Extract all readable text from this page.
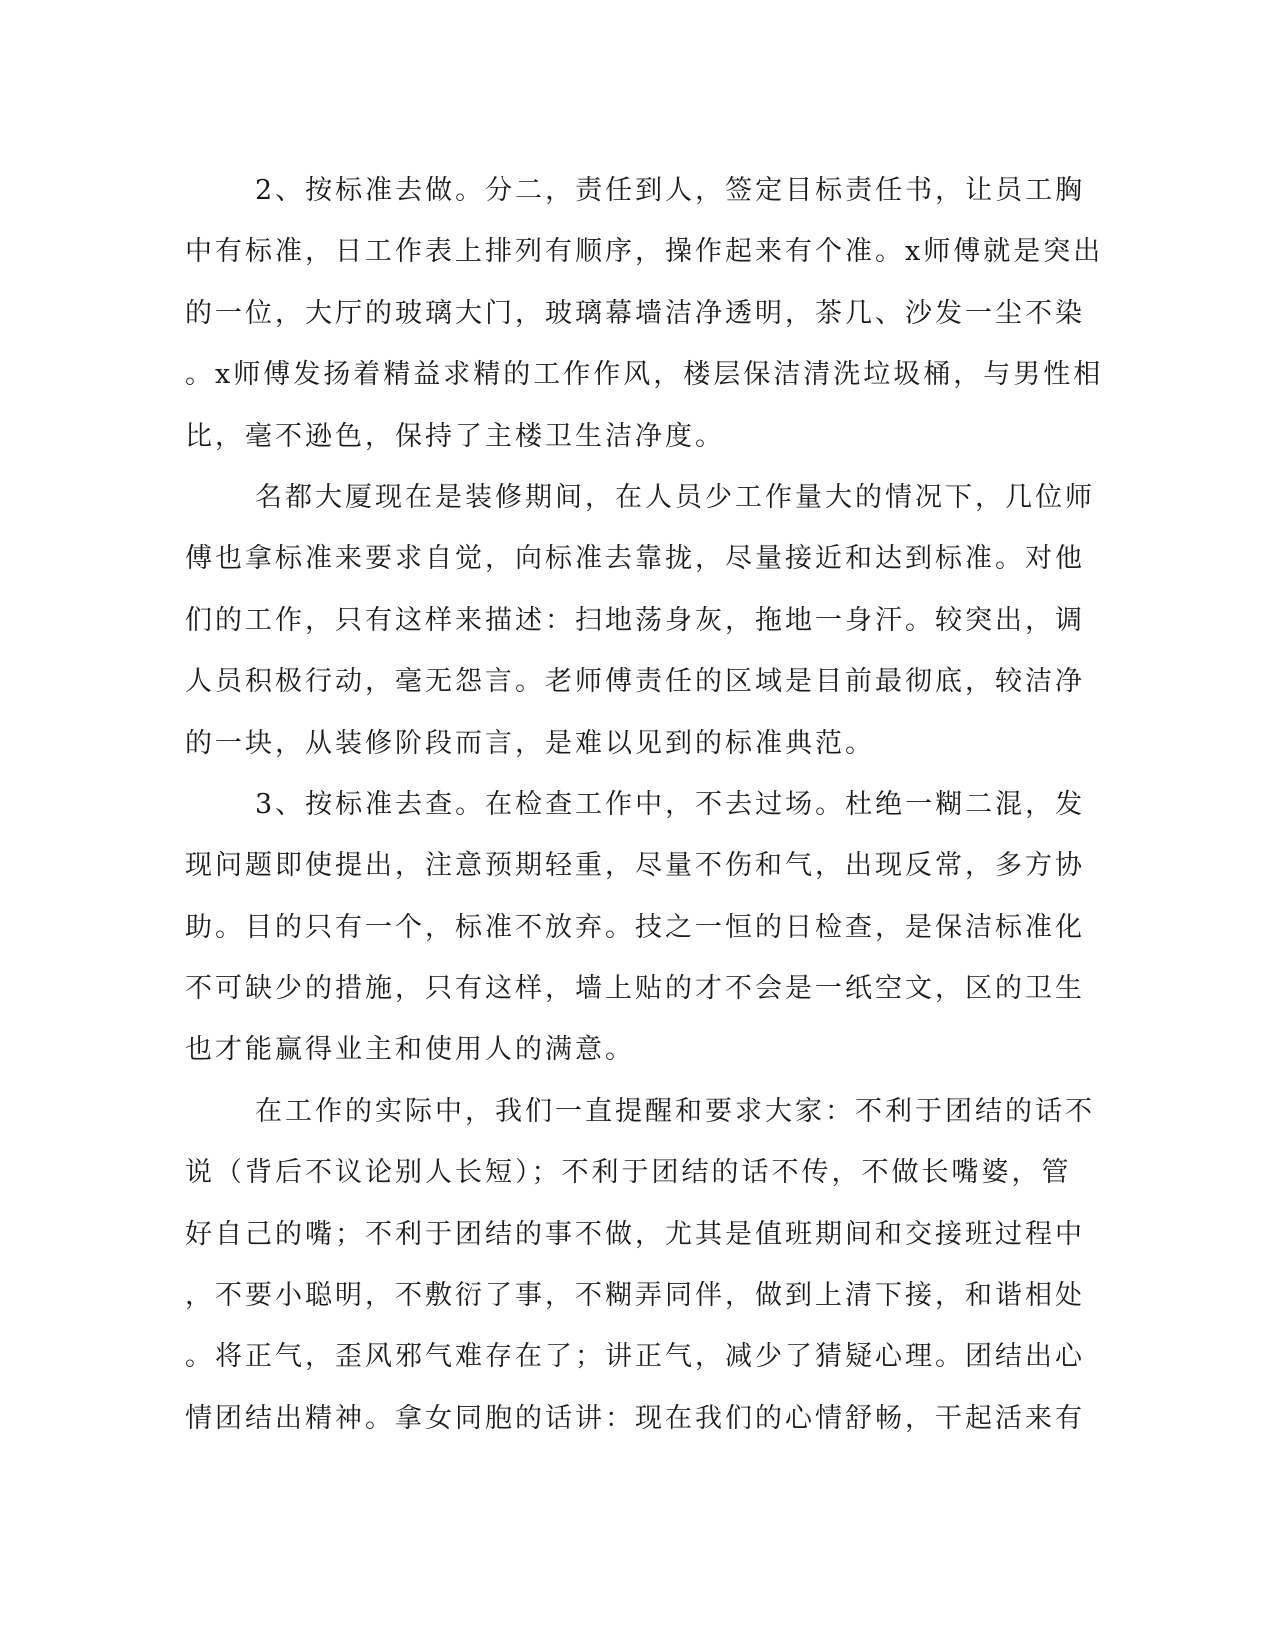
2、按标准去做。分二，责任到人，签定目标责任书，让员工胸
中有标准，日工作表上排列有顺序，操作起来有个准。x师傅就是突出
的一位，大厅的玻璃大门，玻璃幕墙洁净透明，茶几、沙发一尘不染
。x师傅发扬着精益求精的工作作风，楼层保洁清洗垃圾桶，与男性相
比，毫不逊色，保持了主楼卫生洁净度。
名都大厦现在是装修期间，在人员少工作量大的情况下，几位师
傅也拿标准来要求自觉，向标准去靠拢，尽量接近和达到标准。对他
们的工作，只有这样来描述：扫地荡身灰，拖地一身汗。较突出，调
人员积极行动，毫无怨言。老师傅责任的区域是目前最彻底，较洁净
的一块，从装修阶段而言，是难以见到的标准典范。
3、按标准去查。在检查工作中，不去过场。杜绝一糊二混，发
现问题即使提出，注意预期轻重，尽量不伤和气，出现反常，多方协
助。目的只有一个，标准不放弃。技之一恒的日检查，是保洁标准化
不可缺少的措施，只有这样，墙上贴的才不会是一纸空文，区的卫生
也才能赢得业主和使用人的满意。
在工作的实际中，我们一直提醒和要求大家：不利于团结的话不
说（背后不议论别人长短）；不利于团结的话不传，不做长嘴婆，管
好自己的嘴；不利于团结的事不做，尤其是值班期间和交接班过程中
，不要小聪明，不敷衍了事，不糊弄同伴，做到上清下接，和谐相处
。将正气，歪风邪气难存在了；讲正气，减少了猜疑心理。团结出心
情团结出精神。拿女同胞的话讲：现在我们的心情舒畅，干起活来有
